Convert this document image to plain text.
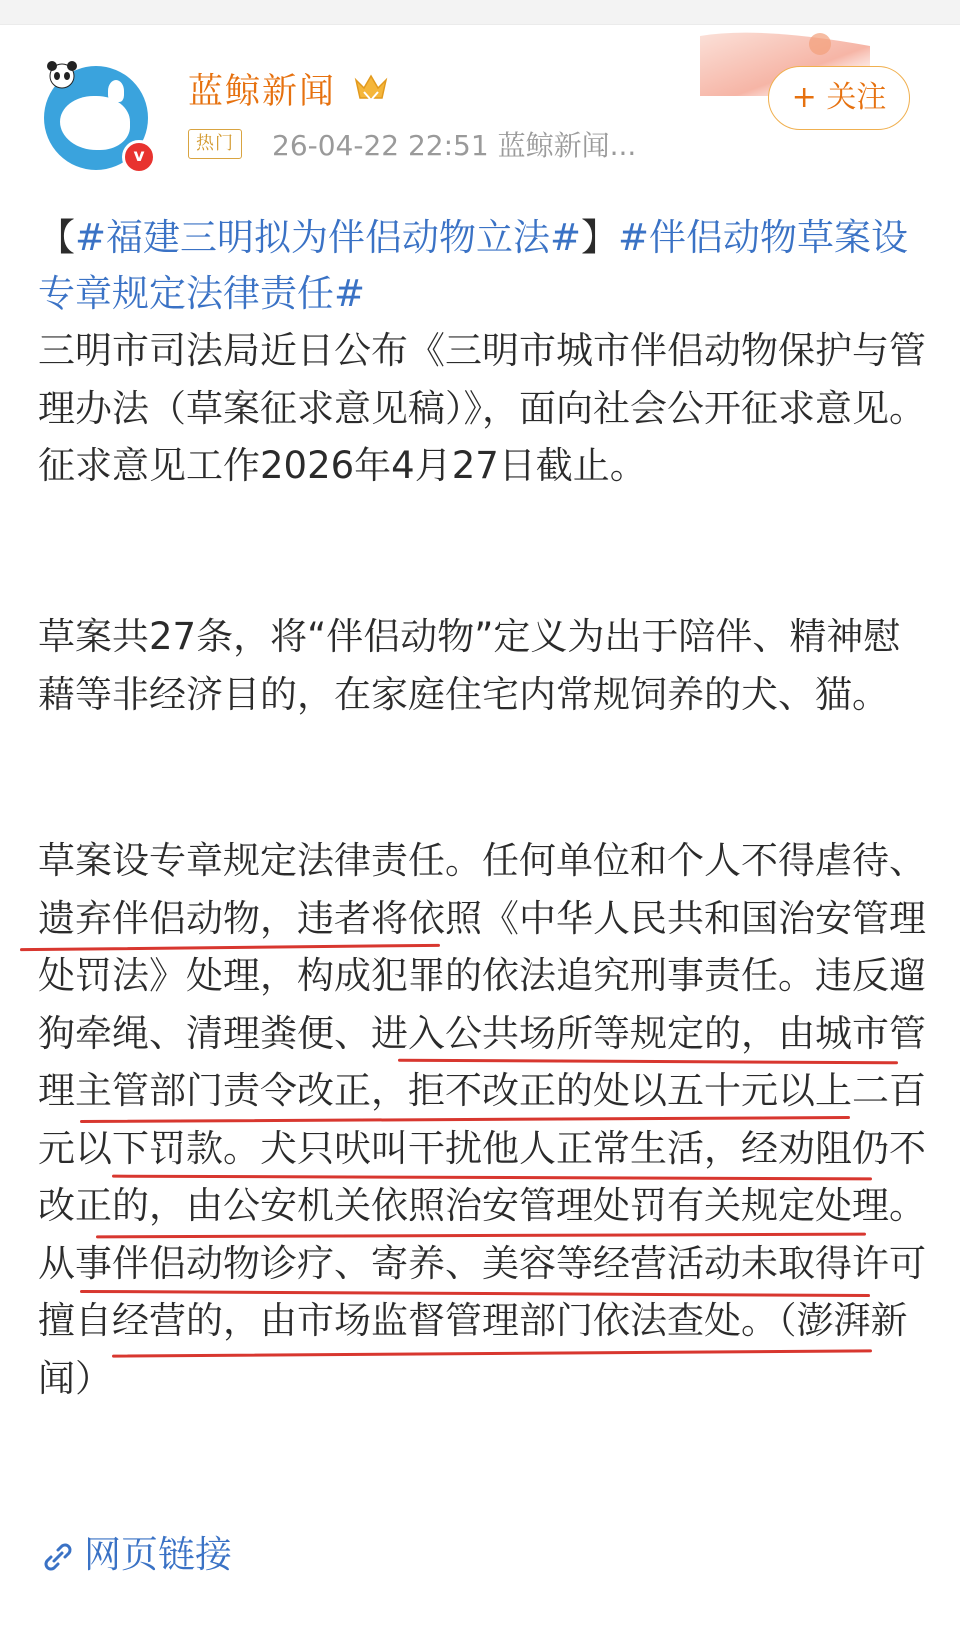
v
蓝鲸新闻
热门 26-04-22 22:51 蓝鲸新闻...
+ 关注

【#福建三明拟为伴侣动物立法#】#伴侣动物草案设专章规定法律责任#

三明市司法局近日公布《三明市城市伴侣动物保护与管理办法（草案征求意见稿）》，面向社会公开征求意见。征求意见工作2026年4月27日截止。
草案共27条，将“伴侣动物”定义为出于陪伴、精神慰藉等非经济目的，在家庭住宅内常规饲养的犬、猫。
草案设专章规定法律责任。任何单位和个人不得虐待、遗弃伴侣动物，违者将依照《中华人民共和国治安管理处罚法》处理，构成犯罪的依法追究刑事责任。违反遛狗牵绳、清理粪便、进入公共场所等规定的，由城市管理主管部门责令改正，拒不改正的处以五十元以上二百元以下罚款。犬只吠叫干扰他人正常生活，经劝阻仍不改正的，由公安机关依照治安管理处罚有关规定处理。从事伴侣动物诊疗、寄养、美容等经营活动未取得许可擅自经营的，由市场监督管理部门依法查处。（澎湃新闻）
网页链接
